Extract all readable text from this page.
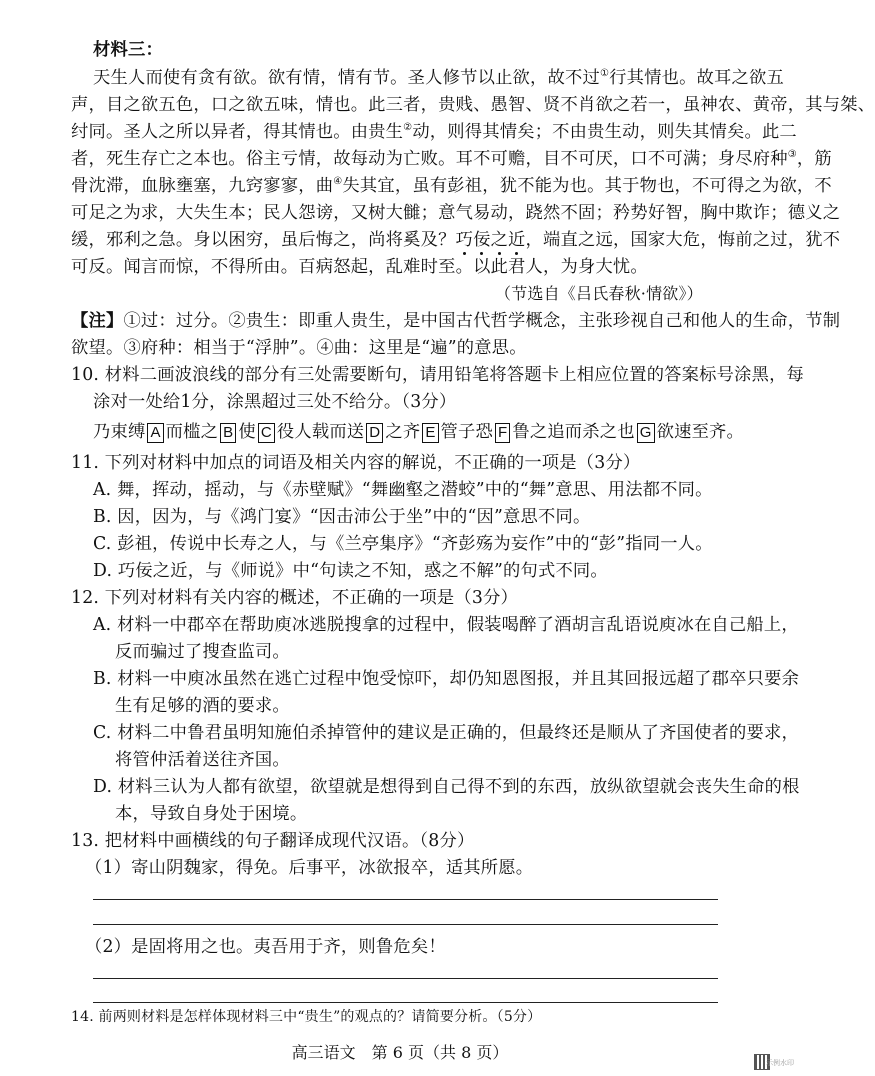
材料三：
天生人而使有贪有欲。欲有情，情有节。圣人修节以止欲，故不过①行其情也。故耳之欲五
声，目之欲五色，口之欲五味，情也。此三者，贵贱、愚智、贤不肖欲之若一，虽神农、黄帝，其与桀、
纣同。圣人之所以异者，得其情也。由贵生②动，则得其情矣；不由贵生动，则失其情矣。此二
者，死生存亡之本也。俗主亏情，故每动为亡败。耳不可赡，目不可厌，口不可满；身尽府种③，筋
骨沈滞，血脉壅塞，九窍寥寥，曲④失其宜，虽有彭祖，犹不能为也。其于物也，不可得之为欲，不
可足之为求，大失生本；民人怨谤，又树大雠；意气易动，跷然不固；矜势好智，胸中欺诈；德义之
缓，邪利之急。身以困穷，虽后悔之，尚将奚及？巧佞之近，端直之远，国家大危，悔前之过，犹不
可反。闻言而惊，不得所由。百病怒起，乱难时至。以此君人，为身大忧。
（节选自《吕氏春秋·情欲》）
【注】①过：过分。②贵生：即重人贵生，是中国古代哲学概念，主张珍视自己和他人的生命，节制
欲望。③府种：相当于“浮肿”。④曲：这里是“遍”的意思。
10. 材料二画波浪线的部分有三处需要断句，请用铅笔将答题卡上相应位置的答案标号涂黑，每
涂对一处给1分，涂黑超过三处不给分。（3分）
乃束缚 A 而槛之 B 使 C 役人载而送 D 之齐 E 管子恐 F 鲁之追而杀之也 G 欲速至齐。
11. 下列对材料中加点的词语及相关内容的解说，不正确的一项是（3分）
A. 舞，挥动，摇动，与《赤壁赋》“舞幽壑之潜蛟”中的“舞”意思、用法都不同。
B. 因，因为，与《鸿门宴》“因击沛公于坐”中的“因”意思不同。
C. 彭祖，传说中长寿之人，与《兰亭集序》“齐彭殇为妄作”中的“彭”指同一人。
D. 巧佞之近，与《师说》中“句读之不知，惑之不解”的句式不同。
12. 下列对材料有关内容的概述，不正确的一项是（3分）
A. 材料一中郡卒在帮助庾冰逃脱搜拿的过程中，假装喝醉了酒胡言乱语说庾冰在自己船上，
反而骗过了搜查监司。
B. 材料一中庾冰虽然在逃亡过程中饱受惊吓，却仍知恩图报，并且其回报远超了郡卒只要余
生有足够的酒的要求。
C. 材料二中鲁君虽明知施伯杀掉管仲的建议是正确的，但最终还是顺从了齐国使者的要求，
将管仲活着送往齐国。
D. 材料三认为人都有欲望，欲望就是想得到自己得不到的东西，放纵欲望就会丧失生命的根
本，导致自身处于困境。
13. 把材料中画横线的句子翻译成现代汉语。（8分）
（1）寄山阴魏家，得免。后事平，冰欲报卒，适其所愿。
（2）是固将用之也。夷吾用于齐，则鲁危矣！
14. 前两则材料是怎样体现材料三中“贵生”的观点的？请简要分析。（5分）
高三语文　第 6 页（共 8 页）
示例水印
